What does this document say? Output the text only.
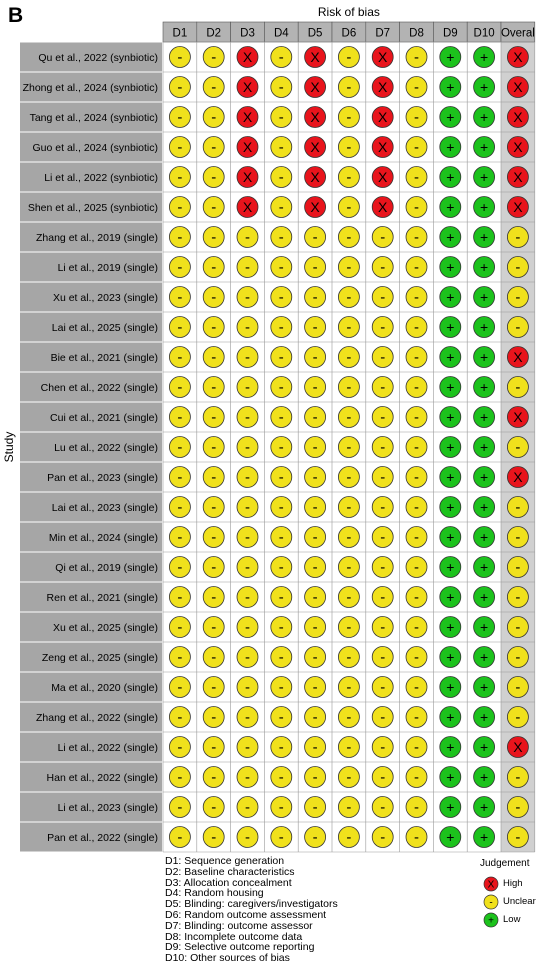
B	Risk of bias
Study
D1 D2 D3 D4 D5 D6 D7 D8 D9 D10 Overal
Qu et al., 2022 (synbiotic) - - X - X - X - + + X
Zhong et al., 2024 (synbiotic) - - X - X - X - + + X
Tang et al., 2024 (synbiotic) - - X - X - X - + + X
Guo et al., 2024 (synbiotic) - - X - X - X - + + X
Li et al., 2022 (synbiotic) - - X - X - X - + + X
Shen et al., 2025 (synbiotic) - - X - X - X - + + X
Zhang et al., 2019 (single) - - - - - - - - + + -
Li et al., 2019 (single) - - - - - - - - + + -
Xu et al., 2023 (single) - - - - - - - - + + -
Lai et al., 2025 (single) - - - - - - - - + + -
Bie et al., 2021 (single) - - - - - - - - + + X
Chen et al., 2022 (single) - - - - - - - - + + -
Cui et al., 2021 (single) - - - - - - - - + + X
Lu et al., 2022 (single) - - - - - - - - + + -
Pan et al., 2023 (single) - - - - - - - - + + X
Lai et al., 2023 (single) - - - - - - - - + + -
Min et al., 2024 (single) - - - - - - - - + + -
Qi et al., 2019 (single) - - - - - - - - + + -
Ren et al., 2021 (single) - - - - - - - - + + -
Xu et al., 2025 (single) - - - - - - - - + + -
Zeng et al., 2025 (single) - - - - - - - - + + -
Ma et al., 2020 (single) - - - - - - - - + + -
Zhang et al., 2022 (single) - - - - - - - - + + -
Li et al., 2022 (single) - - - - - - - - + + X
Han et al., 2022 (single) - - - - - - - - + + -
Li et al., 2023 (single) - - - - - - - - + + -
Pan et al., 2022 (single) - - - - - - - - + + -
D1: Sequence generation
D2: Baseline characteristics
D3: Allocation concealment
D4: Random housing
D5: Blinding: caregivers/investigators
D6: Random outcome assessment
D7: Blinding: outcome assessor
D8: Incomplete outcome data
D9: Selective outcome reporting
D10: Other sources of bias
Judgement
X High
- Unclear
+ Low
